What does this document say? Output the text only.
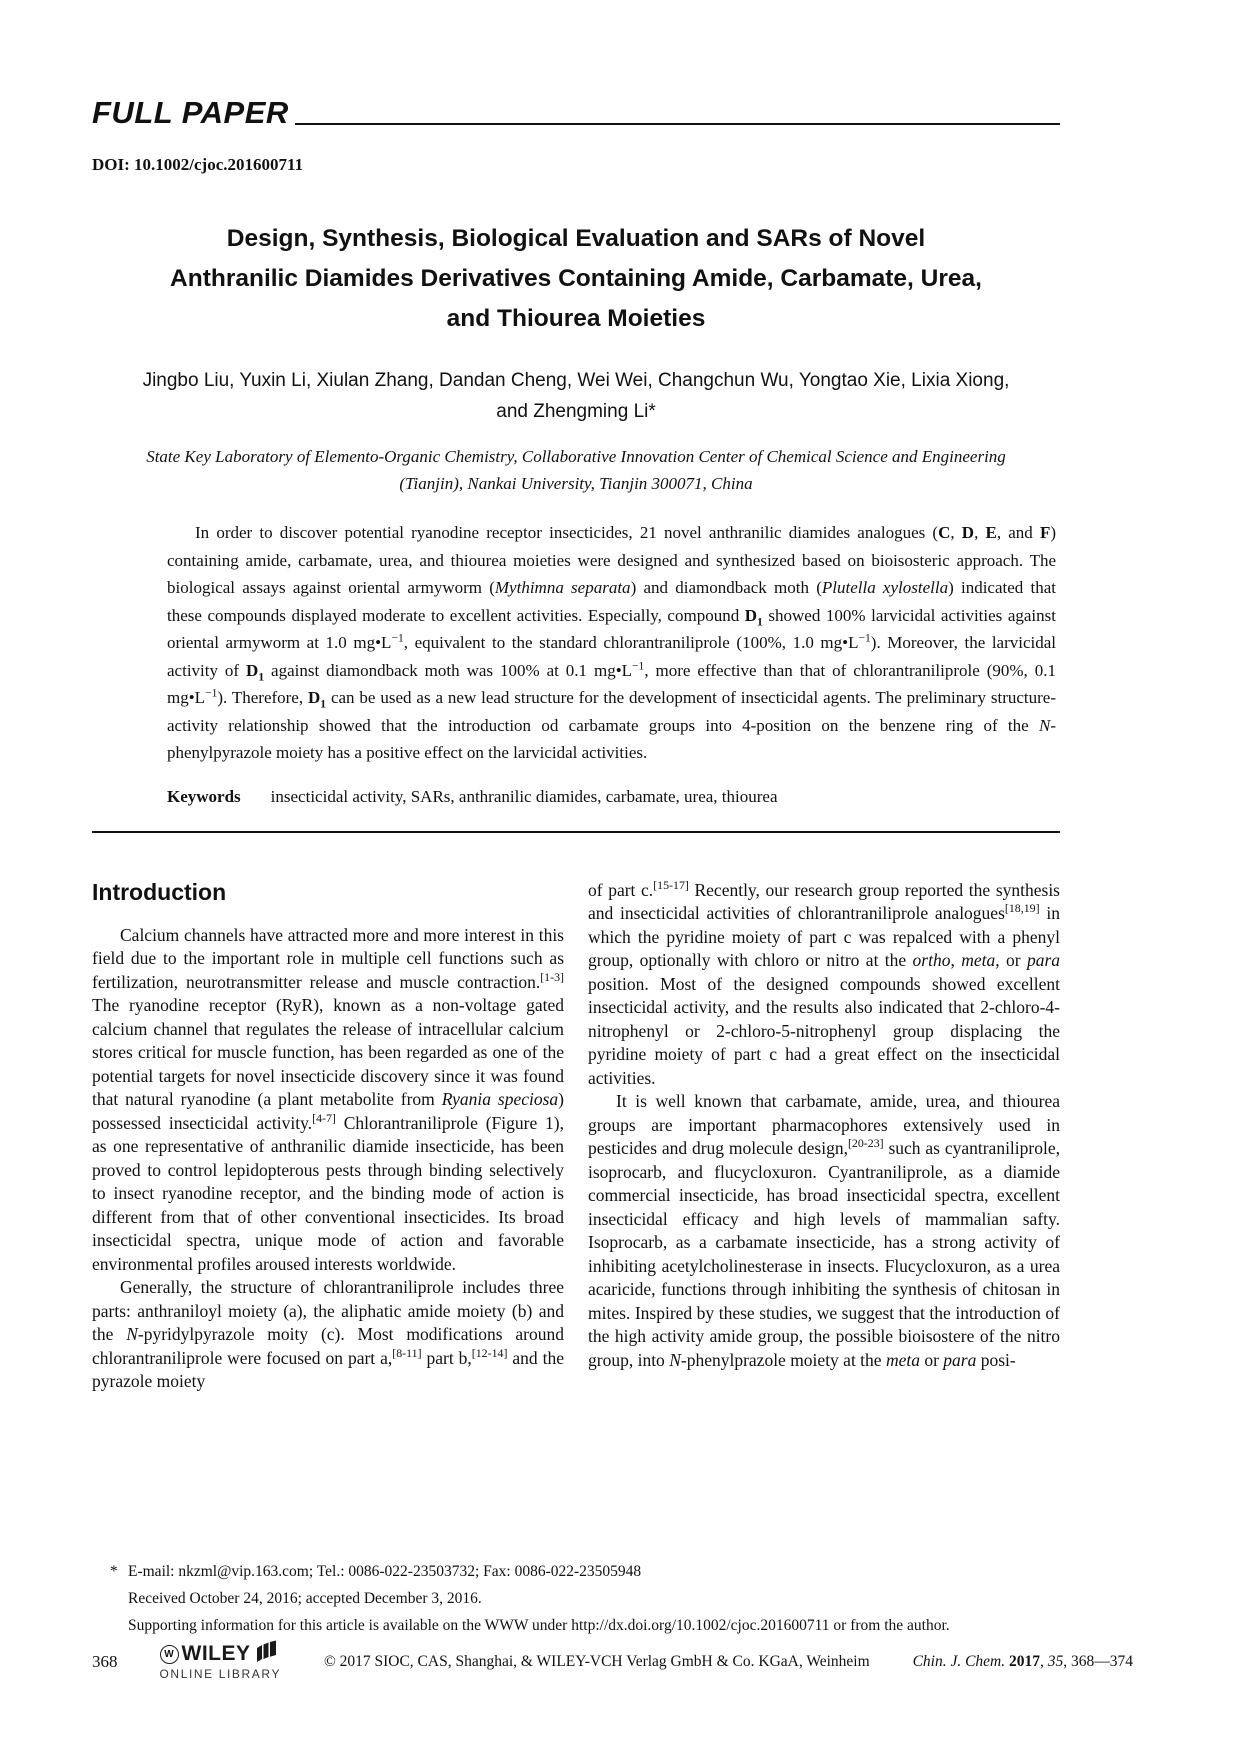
FULL PAPER
DOI: 10.1002/cjoc.201600711
Design, Synthesis, Biological Evaluation and SARs of Novel Anthranilic Diamides Derivatives Containing Amide, Carbamate, Urea, and Thiourea Moieties
Jingbo Liu, Yuxin Li, Xiulan Zhang, Dandan Cheng, Wei Wei, Changchun Wu, Yongtao Xie, Lixia Xiong, and Zhengming Li*
State Key Laboratory of Elemento-Organic Chemistry, Collaborative Innovation Center of Chemical Science and Engineering (Tianjin), Nankai University, Tianjin 300071, China

In order to discover potential ryanodine receptor insecticides, 21 novel anthranilic diamides analogues (C, D, E, and F) containing amide, carbamate, urea, and thiourea moieties were designed and synthesized based on bioisosteric approach. The biological assays against oriental armyworm (Mythimna separata) and diamondback moth (Plutella xylostella) indicated that these compounds displayed moderate to excellent activities. Especially, compound $D_1$ showed 100% larvicidal activities against oriental armyworm at 1.0 $mg•L^{-1}$, equivalent to the standard chlorantraniliprole (100%, 1.0 $mg•L^{-1}$). Moreover, the larvicidal activity of $D_1$ against diamondback moth was 100% at 0.1 $mg•L^{-1}$, more effective than that of chlorantraniliprole (90%, 0.1 $mg•L^{-1}$). Therefore, $D_1$ can be used as a new lead structure for the development of insecticidal agents. The preliminary structure-activity relationship showed that the introduction od carbamate groups into 4-position on the benzene ring of the N-phenylpyrazole moiety has a positive effect on the larvicidal activities.

Keywords insecticidal activity, SARs, anthranilic diamides, carbamate, urea, thiourea
Introduction

Calcium channels have attracted more and more interest in this field due to the important role in multiple cell functions such as fertilization, neurotransmitter release and muscle contraction.[1-3] The ryanodine receptor (RyR), known as a non-voltage gated calcium channel that regulates the release of intracellular calcium stores critical for muscle function, has been regarded as one of the potential targets for novel insecticide discovery since it was found that natural ryanodine (a plant metabolite from Ryania speciosa) possessed insecticidal activity.[4-7] Chlorantraniliprole (Figure 1), as one representative of anthranilic diamide insecticide, has been proved to control lepidopterous pests through binding selectively to insect ryanodine receptor, and the binding mode of action is different from that of other conventional insecticides. Its broad insecticidal spectra, unique mode of action and favorable environmental profiles aroused interests worldwide.

Generally, the structure of chlorantraniliprole includes three parts: anthraniloyl moiety (a), the aliphatic amide moiety (b) and the N-pyridylpyrazole moity (c). Most modifications around chlorantraniliprole were focused on part a,[8-11] part b,[12-14] and the pyrazole moiety

of part c.[15-17] Recently, our research group reported the synthesis and insecticidal activities of chlorantraniliprole analogues[18,19] in which the pyridine moiety of part c was repalced with a phenyl group, optionally with chloro or nitro at the ortho, meta, or para position. Most of the designed compounds showed excellent insecticidal activity, and the results also indicated that 2-chloro-4-nitrophenyl or 2-chloro-5-nitrophenyl group displacing the pyridine moiety of part c had a great effect on the insecticidal activities.

It is well known that carbamate, amide, urea, and thiourea groups are important pharmacophores extensively used in pesticides and drug molecule design,[20-23] such as cyantraniliprole, isoprocarb, and flucycloxuron. Cyantraniliprole, as a diamide commercial insecticide, has broad insecticidal spectra, excellent insecticidal efficacy and high levels of mammalian safty. Isoprocarb, as a carbamate insecticide, has a strong activity of inhibiting acetylcholinesterase in insects. Flucycloxuron, as a urea acaricide, functions through inhibiting the synthesis of chitosan in mites. Inspired by these studies, we suggest that the introduction of the high activity amide group, the possible bioisostere of the nitro group, into N-phenylprazole moiety at the meta or para posi-

* E-mail: nkzml@vip.163.com; Tel.: 0086-022-23503732; Fax: 0086-022-23505948
Received October 24, 2016; accepted December 3, 2016.
Supporting information for this article is available on the WWW under http://dx.doi.org/10.1002/cjoc.201600711 or from the author.
368	W WILEY
ONLINE LIBRARY
© 2017 SIOC, CAS, Shanghai, & WILEY-VCH Verlag GmbH & Co. KGaA, Weinheim	Chin. J. Chem. 2017, 35, 368—374
